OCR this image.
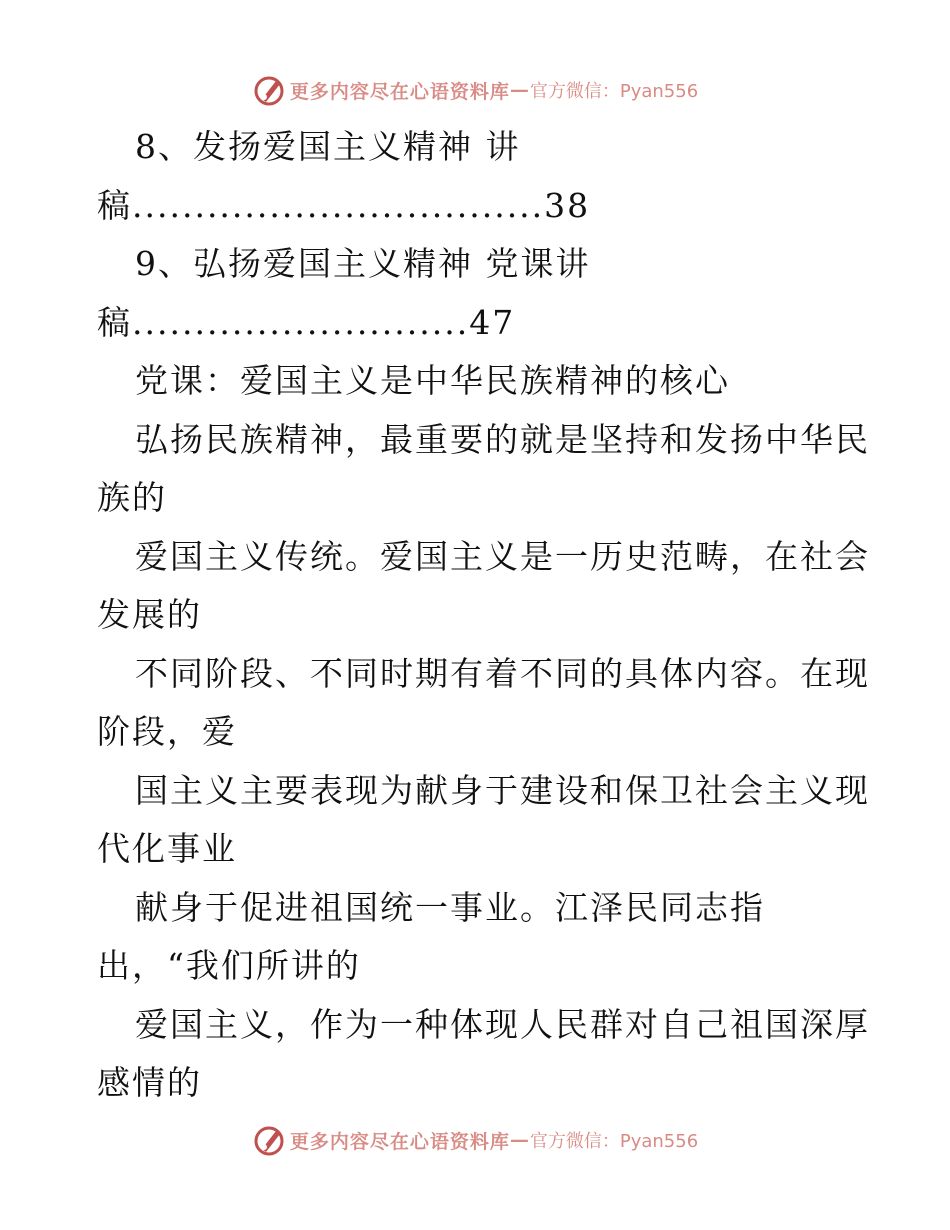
更多内容尽在心语资料库 — 官方微信：Pyan556
8、发扬爱国主义精神 讲
稿.................................38
9、弘扬爱国主义精神 党课讲
稿...........................47
党课：爱国主义是中华民族精神的核心
弘扬民族精神，最重要的就是坚持和发扬中华民
族的
爱国主义传统。爱国主义是一历史范畴，在社会
发展的
不同阶段、不同时期有着不同的具体内容。在现
阶段，爱
国主义主要表现为献身于建设和保卫社会主义现
代化事业
献身于促进祖国统一事业。江泽民同志指
出，“我们所讲的
爱国主义，作为一种体现人民群对自己祖国深厚
感情的
更多内容尽在心语资料库 — 官方微信：Pyan556
